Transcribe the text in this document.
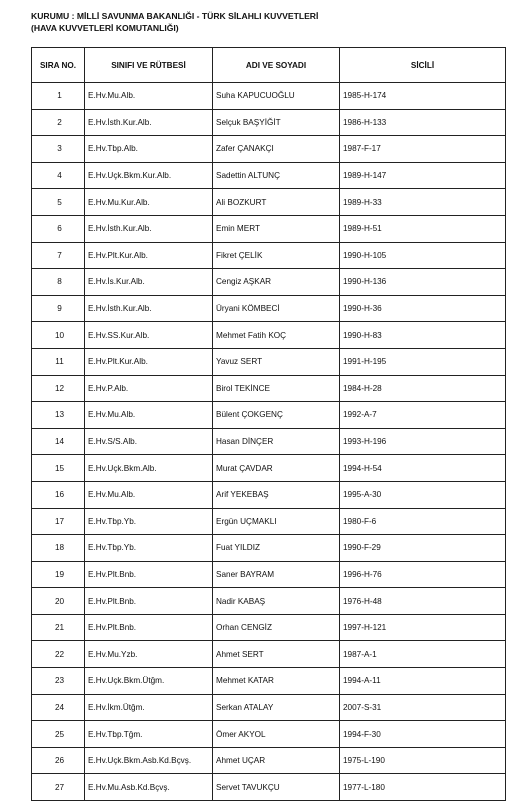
KURUMU : MİLLİ SAVUNMA BAKANLIĞI - TÜRK SİLAHLI KUVVETLERİ
(HAVA KUVVETLERİ KOMUTANLIĞI)
SIRA NO.	SINIFI VE RÜTBESİ	ADI VE SOYADI	SİCİLİ
1	E.Hv.Mu.Alb.	Suha KAPUCUOĞLU	1985-H-174
2	E.Hv.İsth.Kur.Alb.	Selçuk BAŞYİĞİT	1986-H-133
3	E.Hv.Tbp.Alb.	Zafer ÇANAKÇI	1987-F-17
4	E.Hv.Uçk.Bkm.Kur.Alb.	Sadettin ALTUNÇ	1989-H-147
5	E.Hv.Mu.Kur.Alb.	Ali BOZKURT	1989-H-33
6	E.Hv.İsth.Kur.Alb.	Emin MERT	1989-H-51
7	E.Hv.Plt.Kur.Alb.	Fikret ÇELİK	1990-H-105
8	E.Hv.İs.Kur.Alb.	Cengiz AŞKAR	1990-H-136
9	E.Hv.İsth.Kur.Alb.	Üryani KÖMBECİ	1990-H-36
10	E.Hv.SS.Kur.Alb.	Mehmet Fatih KOÇ	1990-H-83
11	E.Hv.Plt.Kur.Alb.	Yavuz SERT	1991-H-195
12	E.Hv.P.Alb.	Birol TEKİNCE	1984-H-28
13	E.Hv.Mu.Alb.	Bülent ÇOKGENÇ	1992-A-7
14	E.Hv.S/S.Alb.	Hasan DİNÇER	1993-H-196
15	E.Hv.Uçk.Bkm.Alb.	Murat ÇAVDAR	1994-H-54
16	E.Hv.Mu.Alb.	Arif YEKEBAŞ	1995-A-30
17	E.Hv.Tbp.Yb.	Ergün UÇMAKLI	1980-F-6
18	E.Hv.Tbp.Yb.	Fuat YILDIZ	1990-F-29
19	E.Hv.Plt.Bnb.	Saner BAYRAM	1996-H-76
20	E.Hv.Plt.Bnb.	Nadir KABAŞ	1976-H-48
21	E.Hv.Plt.Bnb.	Orhan CENGİZ	1997-H-121
22	E.Hv.Mu.Yzb.	Ahmet SERT	1987-A-1
23	E.Hv.Uçk.Bkm.Ütğm.	Mehmet KATAR	1994-A-11
24	E.Hv.İkm.Ütğm.	Serkan ATALAY	2007-S-31
25	E.Hv.Tbp.Tğm.	Ömer AKYOL	1994-F-30
26	E.Hv.Uçk.Bkm.Asb.Kd.Bçvş.	Ahmet UÇAR	1975-L-190
27	E.Hv.Mu.Asb.Kd.Bçvş.	Servet TAVUKÇU	1977-L-180
